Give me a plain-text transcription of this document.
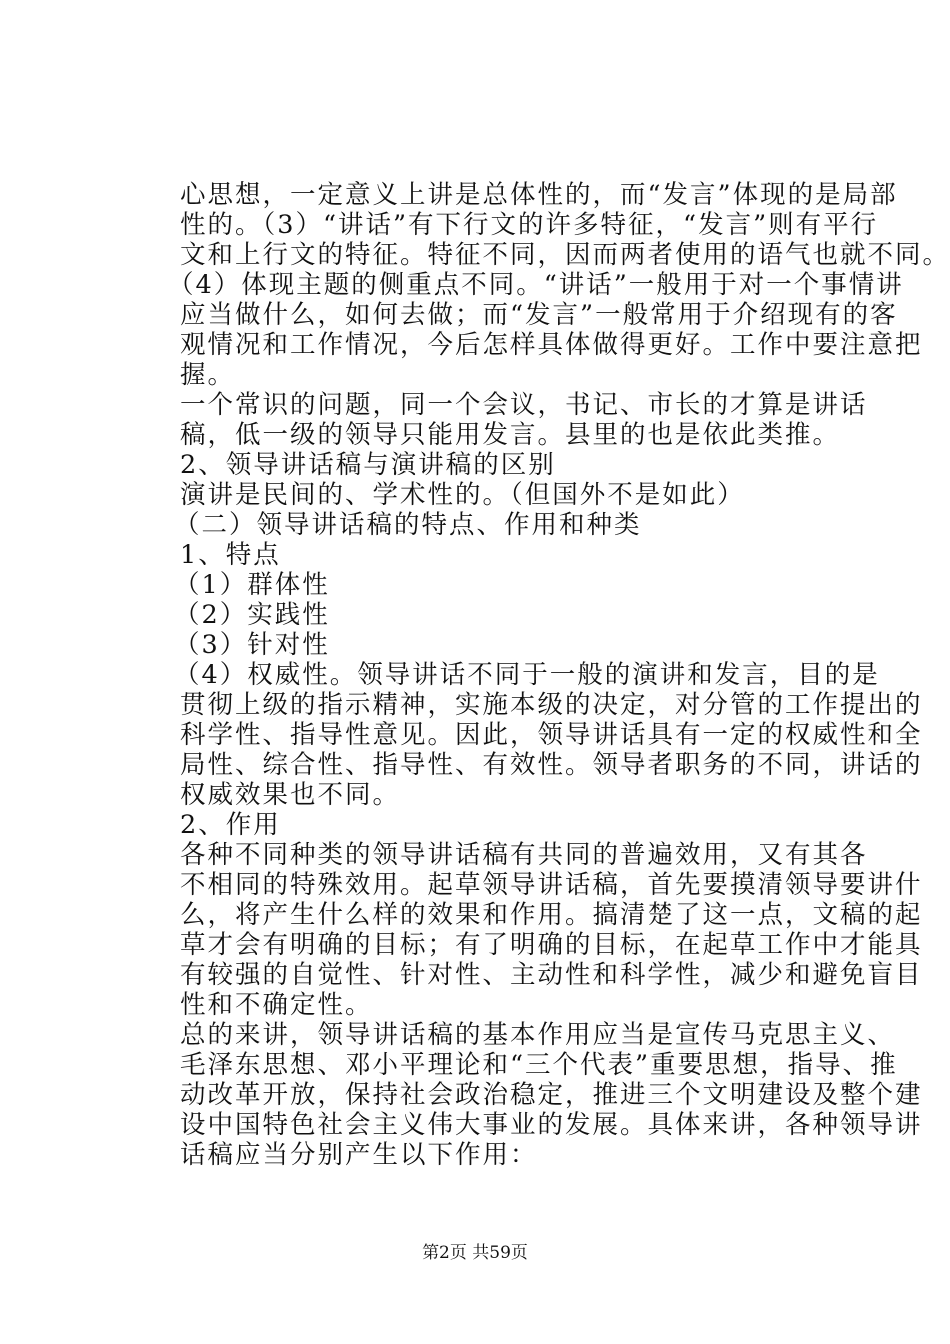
心思想，一定意义上讲是总体性的，而“发言”体现的是局部
性的。（3）“讲话”有下行文的许多特征，“发言”则有平行
文和上行文的特征。特征不同，因而两者使用的语气也就不同。
（4）体现主题的侧重点不同。“讲话”一般用于对一个事情讲
应当做什么，如何去做；而“发言”一般常用于介绍现有的客
观情况和工作情况，今后怎样具体做得更好。工作中要注意把
握。
一个常识的问题，同一个会议，书记、市长的才算是讲话
稿，低一级的领导只能用发言。县里的也是依此类推。
2、领导讲话稿与演讲稿的区别
演讲是民间的、学术性的。（但国外不是如此）
（二）领导讲话稿的特点、作用和种类
1、特点
（1）群体性
（2）实践性
（3）针对性
（4）权威性。领导讲话不同于一般的演讲和发言，目的是
贯彻上级的指示精神，实施本级的决定，对分管的工作提出的
科学性、指导性意见。因此，领导讲话具有一定的权威性和全
局性、综合性、指导性、有效性。领导者职务的不同，讲话的
权威效果也不同。
2、作用
各种不同种类的领导讲话稿有共同的普遍效用，又有其各
不相同的特殊效用。起草领导讲话稿，首先要摸清领导要讲什
么，将产生什么样的效果和作用。搞清楚了这一点，文稿的起
草才会有明确的目标；有了明确的目标，在起草工作中才能具
有较强的自觉性、针对性、主动性和科学性，减少和避免盲目
性和不确定性。
总的来讲，领导讲话稿的基本作用应当是宣传马克思主义、
毛泽东思想、邓小平理论和“三个代表”重要思想，指导、推
动改革开放，保持社会政治稳定，推进三个文明建设及整个建
设中国特色社会主义伟大事业的发展。具体来讲，各种领导讲
话稿应当分别产生以下作用：
第2页 共59页
